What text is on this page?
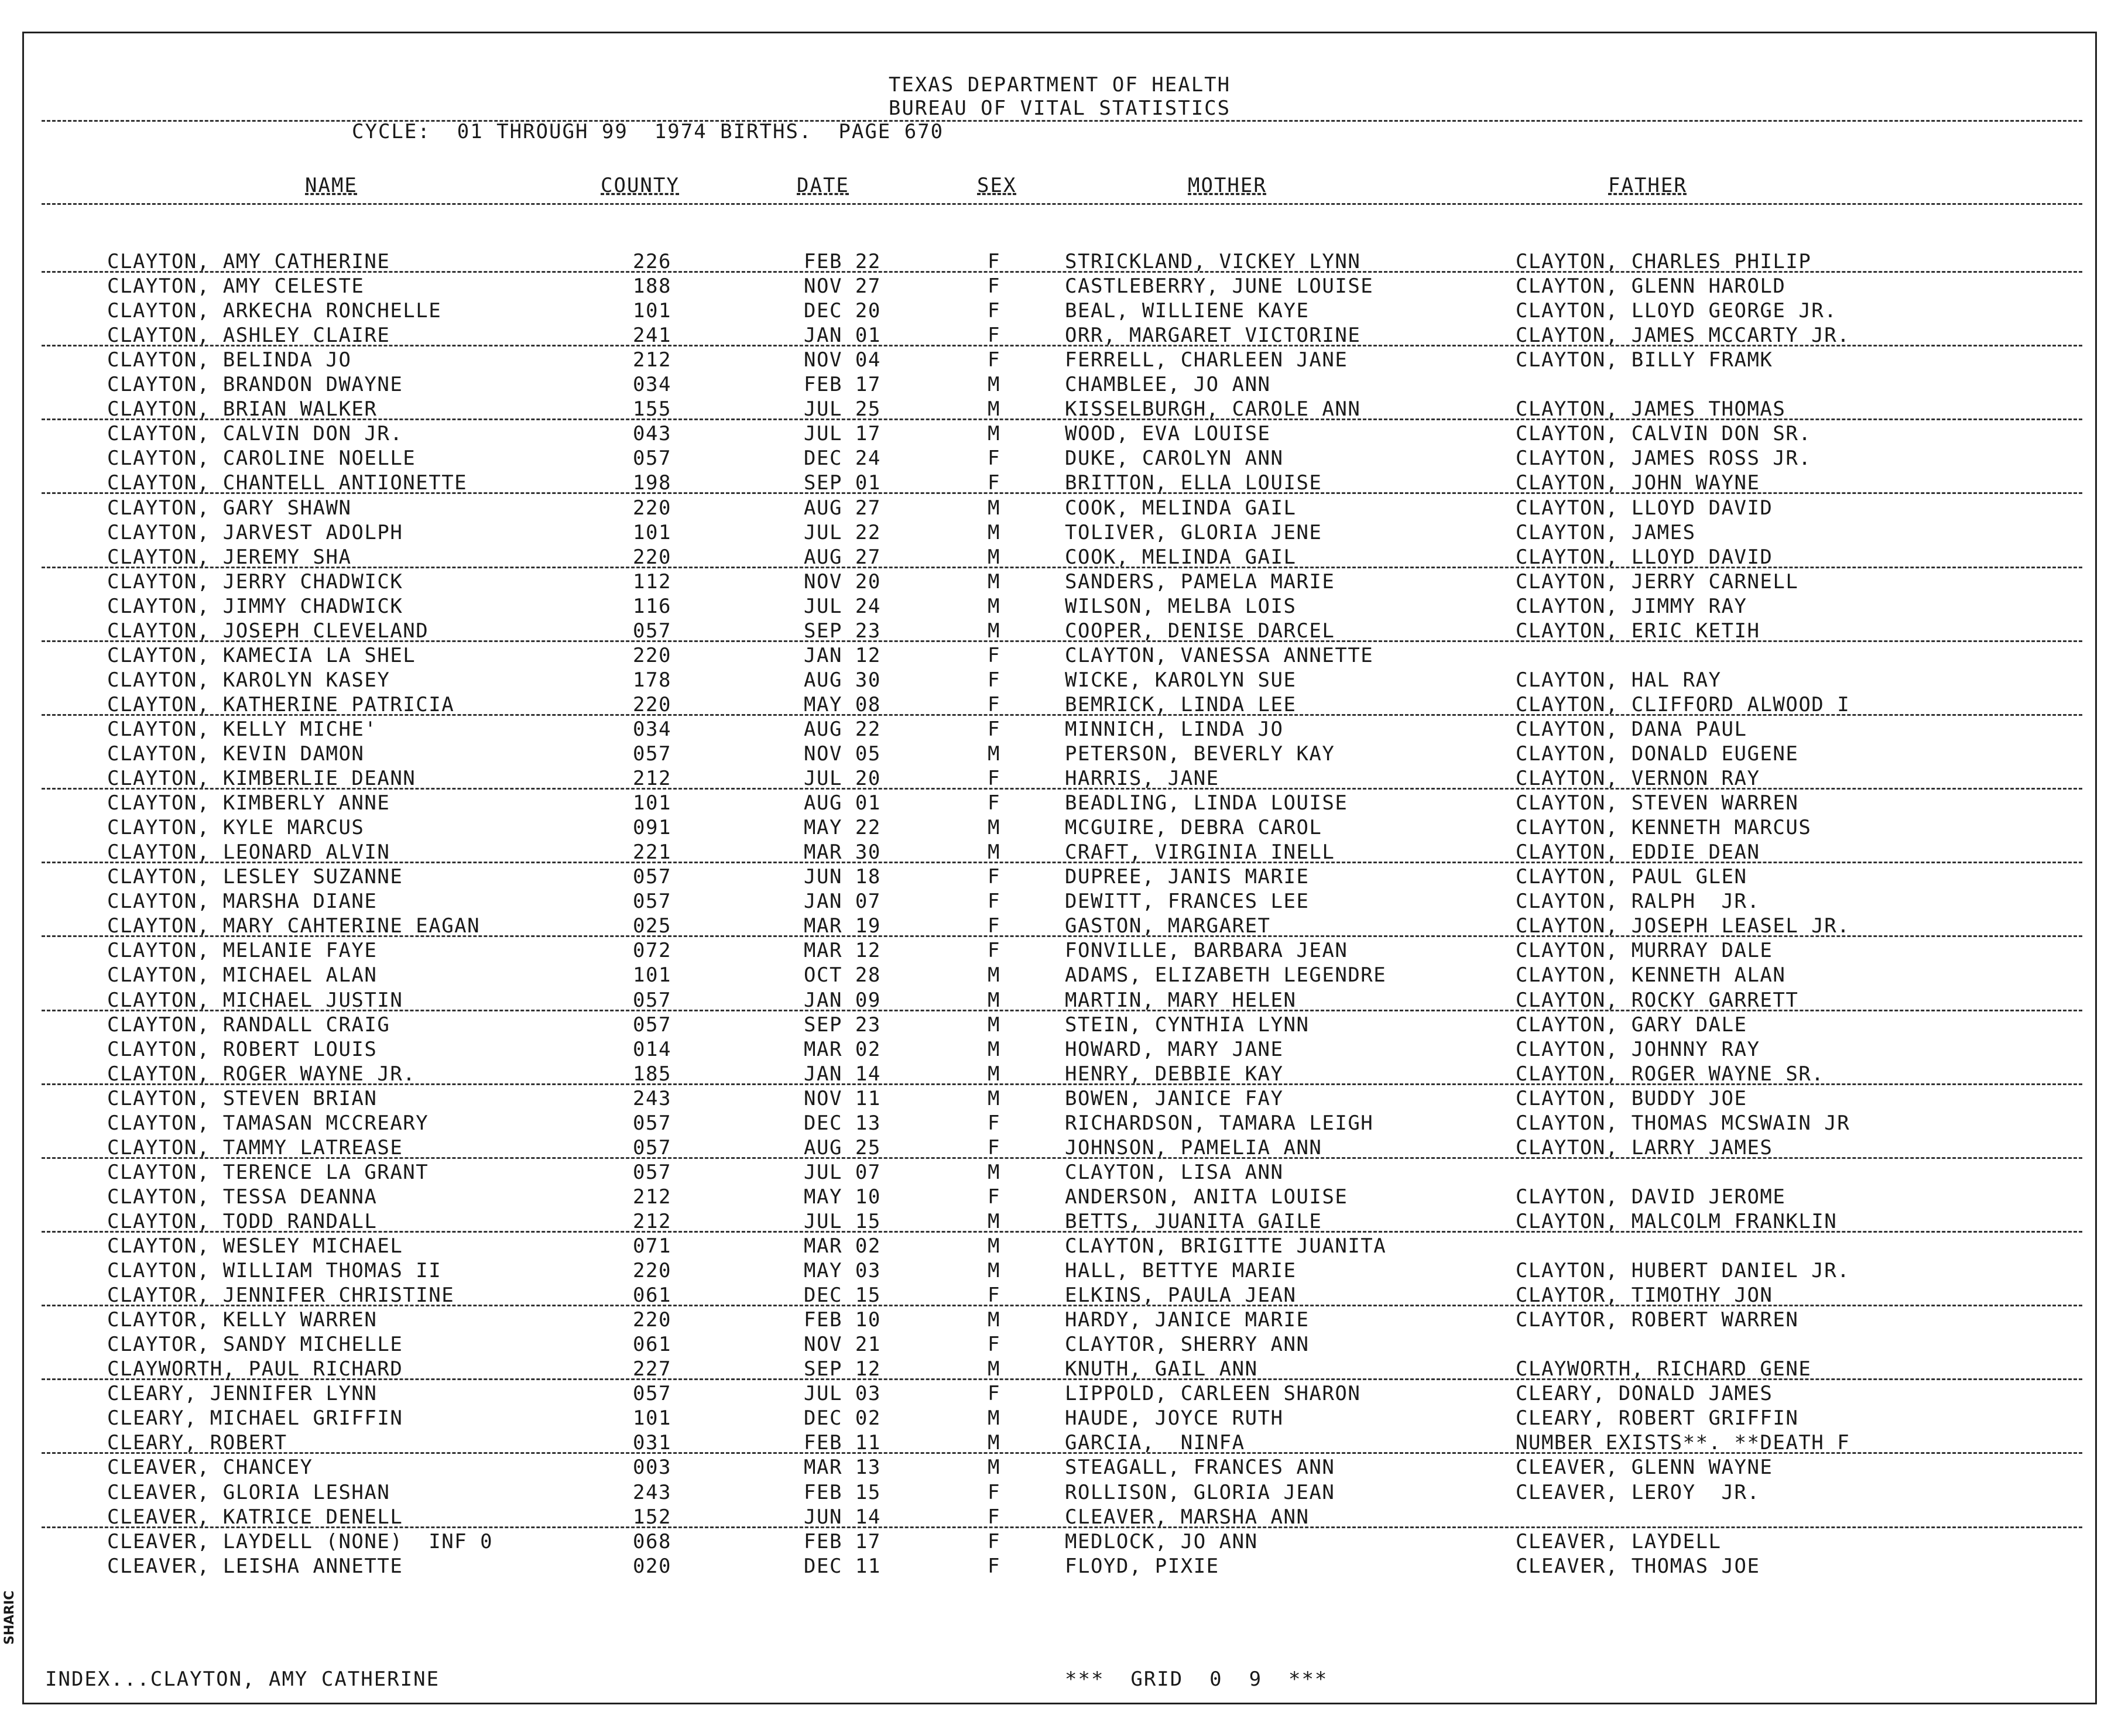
TEXAS DEPARTMENT OF HEALTH
BUREAU OF VITAL STATISTICS
CYCLE:  01 THROUGH 99  1974 BIRTHS.  PAGE 670
NAME	COUNTY	DATE	SEX	MOTHER	FATHER
CLAYTON, AMY CATHERINE	226	FEB 22	F	STRICKLAND, VICKEY LYNN	CLAYTON, CHARLES PHILIP
CLAYTON, AMY CELESTE	188	NOV 27	F	CASTLEBERRY, JUNE LOUISE	CLAYTON, GLENN HAROLD
CLAYTON, ARKECHA RONCHELLE	101	DEC 20	F	BEAL, WILLIENE KAYE	CLAYTON, LLOYD GEORGE JR.
CLAYTON, ASHLEY CLAIRE	241	JAN 01	F	ORR, MARGARET VICTORINE	CLAYTON, JAMES MCCARTY JR.
CLAYTON, BELINDA JO	212	NOV 04	F	FERRELL, CHARLEEN JANE	CLAYTON, BILLY FRAMK
CLAYTON, BRANDON DWAYNE	034	FEB 17	M	CHAMBLEE, JO ANN
CLAYTON, BRIAN WALKER	155	JUL 25	M	KISSELBURGH, CAROLE ANN	CLAYTON, JAMES THOMAS
CLAYTON, CALVIN DON JR.	043	JUL 17	M	WOOD, EVA LOUISE	CLAYTON, CALVIN DON SR.
CLAYTON, CAROLINE NOELLE	057	DEC 24	F	DUKE, CAROLYN ANN	CLAYTON, JAMES ROSS JR.
CLAYTON, CHANTELL ANTIONETTE	198	SEP 01	F	BRITTON, ELLA LOUISE	CLAYTON, JOHN WAYNE
CLAYTON, GARY SHAWN	220	AUG 27	M	COOK, MELINDA GAIL	CLAYTON, LLOYD DAVID
CLAYTON, JARVEST ADOLPH	101	JUL 22	M	TOLIVER, GLORIA JENE	CLAYTON, JAMES
CLAYTON, JEREMY SHA	220	AUG 27	M	COOK, MELINDA GAIL	CLAYTON, LLOYD DAVID
CLAYTON, JERRY CHADWICK	112	NOV 20	M	SANDERS, PAMELA MARIE	CLAYTON, JERRY CARNELL
CLAYTON, JIMMY CHADWICK	116	JUL 24	M	WILSON, MELBA LOIS	CLAYTON, JIMMY RAY
CLAYTON, JOSEPH CLEVELAND	057	SEP 23	M	COOPER, DENISE DARCEL	CLAYTON, ERIC KETIH
CLAYTON, KAMECIA LA SHEL	220	JAN 12	F	CLAYTON, VANESSA ANNETTE
CLAYTON, KAROLYN KASEY	178	AUG 30	F	WICKE, KAROLYN SUE	CLAYTON, HAL RAY
CLAYTON, KATHERINE PATRICIA	220	MAY 08	F	BEMRICK, LINDA LEE	CLAYTON, CLIFFORD ALWOOD I
CLAYTON, KELLY MICHE'	034	AUG 22	F	MINNICH, LINDA JO	CLAYTON, DANA PAUL
CLAYTON, KEVIN DAMON	057	NOV 05	M	PETERSON, BEVERLY KAY	CLAYTON, DONALD EUGENE
CLAYTON, KIMBERLIE DEANN	212	JUL 20	F	HARRIS, JANE	CLAYTON, VERNON RAY
CLAYTON, KIMBERLY ANNE	101	AUG 01	F	BEADLING, LINDA LOUISE	CLAYTON, STEVEN WARREN
CLAYTON, KYLE MARCUS	091	MAY 22	M	MCGUIRE, DEBRA CAROL	CLAYTON, KENNETH MARCUS
CLAYTON, LEONARD ALVIN	221	MAR 30	M	CRAFT, VIRGINIA INELL	CLAYTON, EDDIE DEAN
CLAYTON, LESLEY SUZANNE	057	JUN 18	F	DUPREE, JANIS MARIE	CLAYTON, PAUL GLEN
CLAYTON, MARSHA DIANE	057	JAN 07	F	DEWITT, FRANCES LEE	CLAYTON, RALPH  JR.
CLAYTON, MARY CAHTERINE EAGAN	025	MAR 19	F	GASTON, MARGARET	CLAYTON, JOSEPH LEASEL JR.
CLAYTON, MELANIE FAYE	072	MAR 12	F	FONVILLE, BARBARA JEAN	CLAYTON, MURRAY DALE
CLAYTON, MICHAEL ALAN	101	OCT 28	M	ADAMS, ELIZABETH LEGENDRE	CLAYTON, KENNETH ALAN
CLAYTON, MICHAEL JUSTIN	057	JAN 09	M	MARTIN, MARY HELEN	CLAYTON, ROCKY GARRETT
CLAYTON, RANDALL CRAIG	057	SEP 23	M	STEIN, CYNTHIA LYNN	CLAYTON, GARY DALE
CLAYTON, ROBERT LOUIS	014	MAR 02	M	HOWARD, MARY JANE	CLAYTON, JOHNNY RAY
CLAYTON, ROGER WAYNE JR.	185	JAN 14	M	HENRY, DEBBIE KAY	CLAYTON, ROGER WAYNE SR.
CLAYTON, STEVEN BRIAN	243	NOV 11	M	BOWEN, JANICE FAY	CLAYTON, BUDDY JOE
CLAYTON, TAMASAN MCCREARY	057	DEC 13	F	RICHARDSON, TAMARA LEIGH	CLAYTON, THOMAS MCSWAIN JR
CLAYTON, TAMMY LATREASE	057	AUG 25	F	JOHNSON, PAMELIA ANN	CLAYTON, LARRY JAMES
CLAYTON, TERENCE LA GRANT	057	JUL 07	M	CLAYTON, LISA ANN
CLAYTON, TESSA DEANNA	212	MAY 10	F	ANDERSON, ANITA LOUISE	CLAYTON, DAVID JEROME
CLAYTON, TODD RANDALL	212	JUL 15	M	BETTS, JUANITA GAILE	CLAYTON, MALCOLM FRANKLIN
CLAYTON, WESLEY MICHAEL	071	MAR 02	M	CLAYTON, BRIGITTE JUANITA
CLAYTON, WILLIAM THOMAS II	220	MAY 03	M	HALL, BETTYE MARIE	CLAYTON, HUBERT DANIEL JR.
CLAYTOR, JENNIFER CHRISTINE	061	DEC 15	F	ELKINS, PAULA JEAN	CLAYTOR, TIMOTHY JON
CLAYTOR, KELLY WARREN	220	FEB 10	M	HARDY, JANICE MARIE	CLAYTOR, ROBERT WARREN
CLAYTOR, SANDY MICHELLE	061	NOV 21	F	CLAYTOR, SHERRY ANN
CLAYWORTH, PAUL RICHARD	227	SEP 12	M	KNUTH, GAIL ANN	CLAYWORTH, RICHARD GENE
CLEARY, JENNIFER LYNN	057	JUL 03	F	LIPPOLD, CARLEEN SHARON	CLEARY, DONALD JAMES
CLEARY, MICHAEL GRIFFIN	101	DEC 02	M	HAUDE, JOYCE RUTH	CLEARY, ROBERT GRIFFIN
CLEARY, ROBERT	031	FEB 11	M	GARCIA,  NINFA	NUMBER EXISTS**. **DEATH F
CLEAVER, CHANCEY	003	MAR 13	M	STEAGALL, FRANCES ANN	CLEAVER, GLENN WAYNE
CLEAVER, GLORIA LESHAN	243	FEB 15	F	ROLLISON, GLORIA JEAN	CLEAVER, LEROY  JR.
CLEAVER, KATRICE DENELL	152	JUN 14	F	CLEAVER, MARSHA ANN
CLEAVER, LAYDELL (NONE)  INF 0	068	FEB 17	F	MEDLOCK, JO ANN	CLEAVER, LAYDELL
CLEAVER, LEISHA ANNETTE	020	DEC 11	F	FLOYD, PIXIE	CLEAVER, THOMAS JOE
INDEX...CLAYTON, AMY CATHERINE	***  GRID  0  9  ***
SHARIC
